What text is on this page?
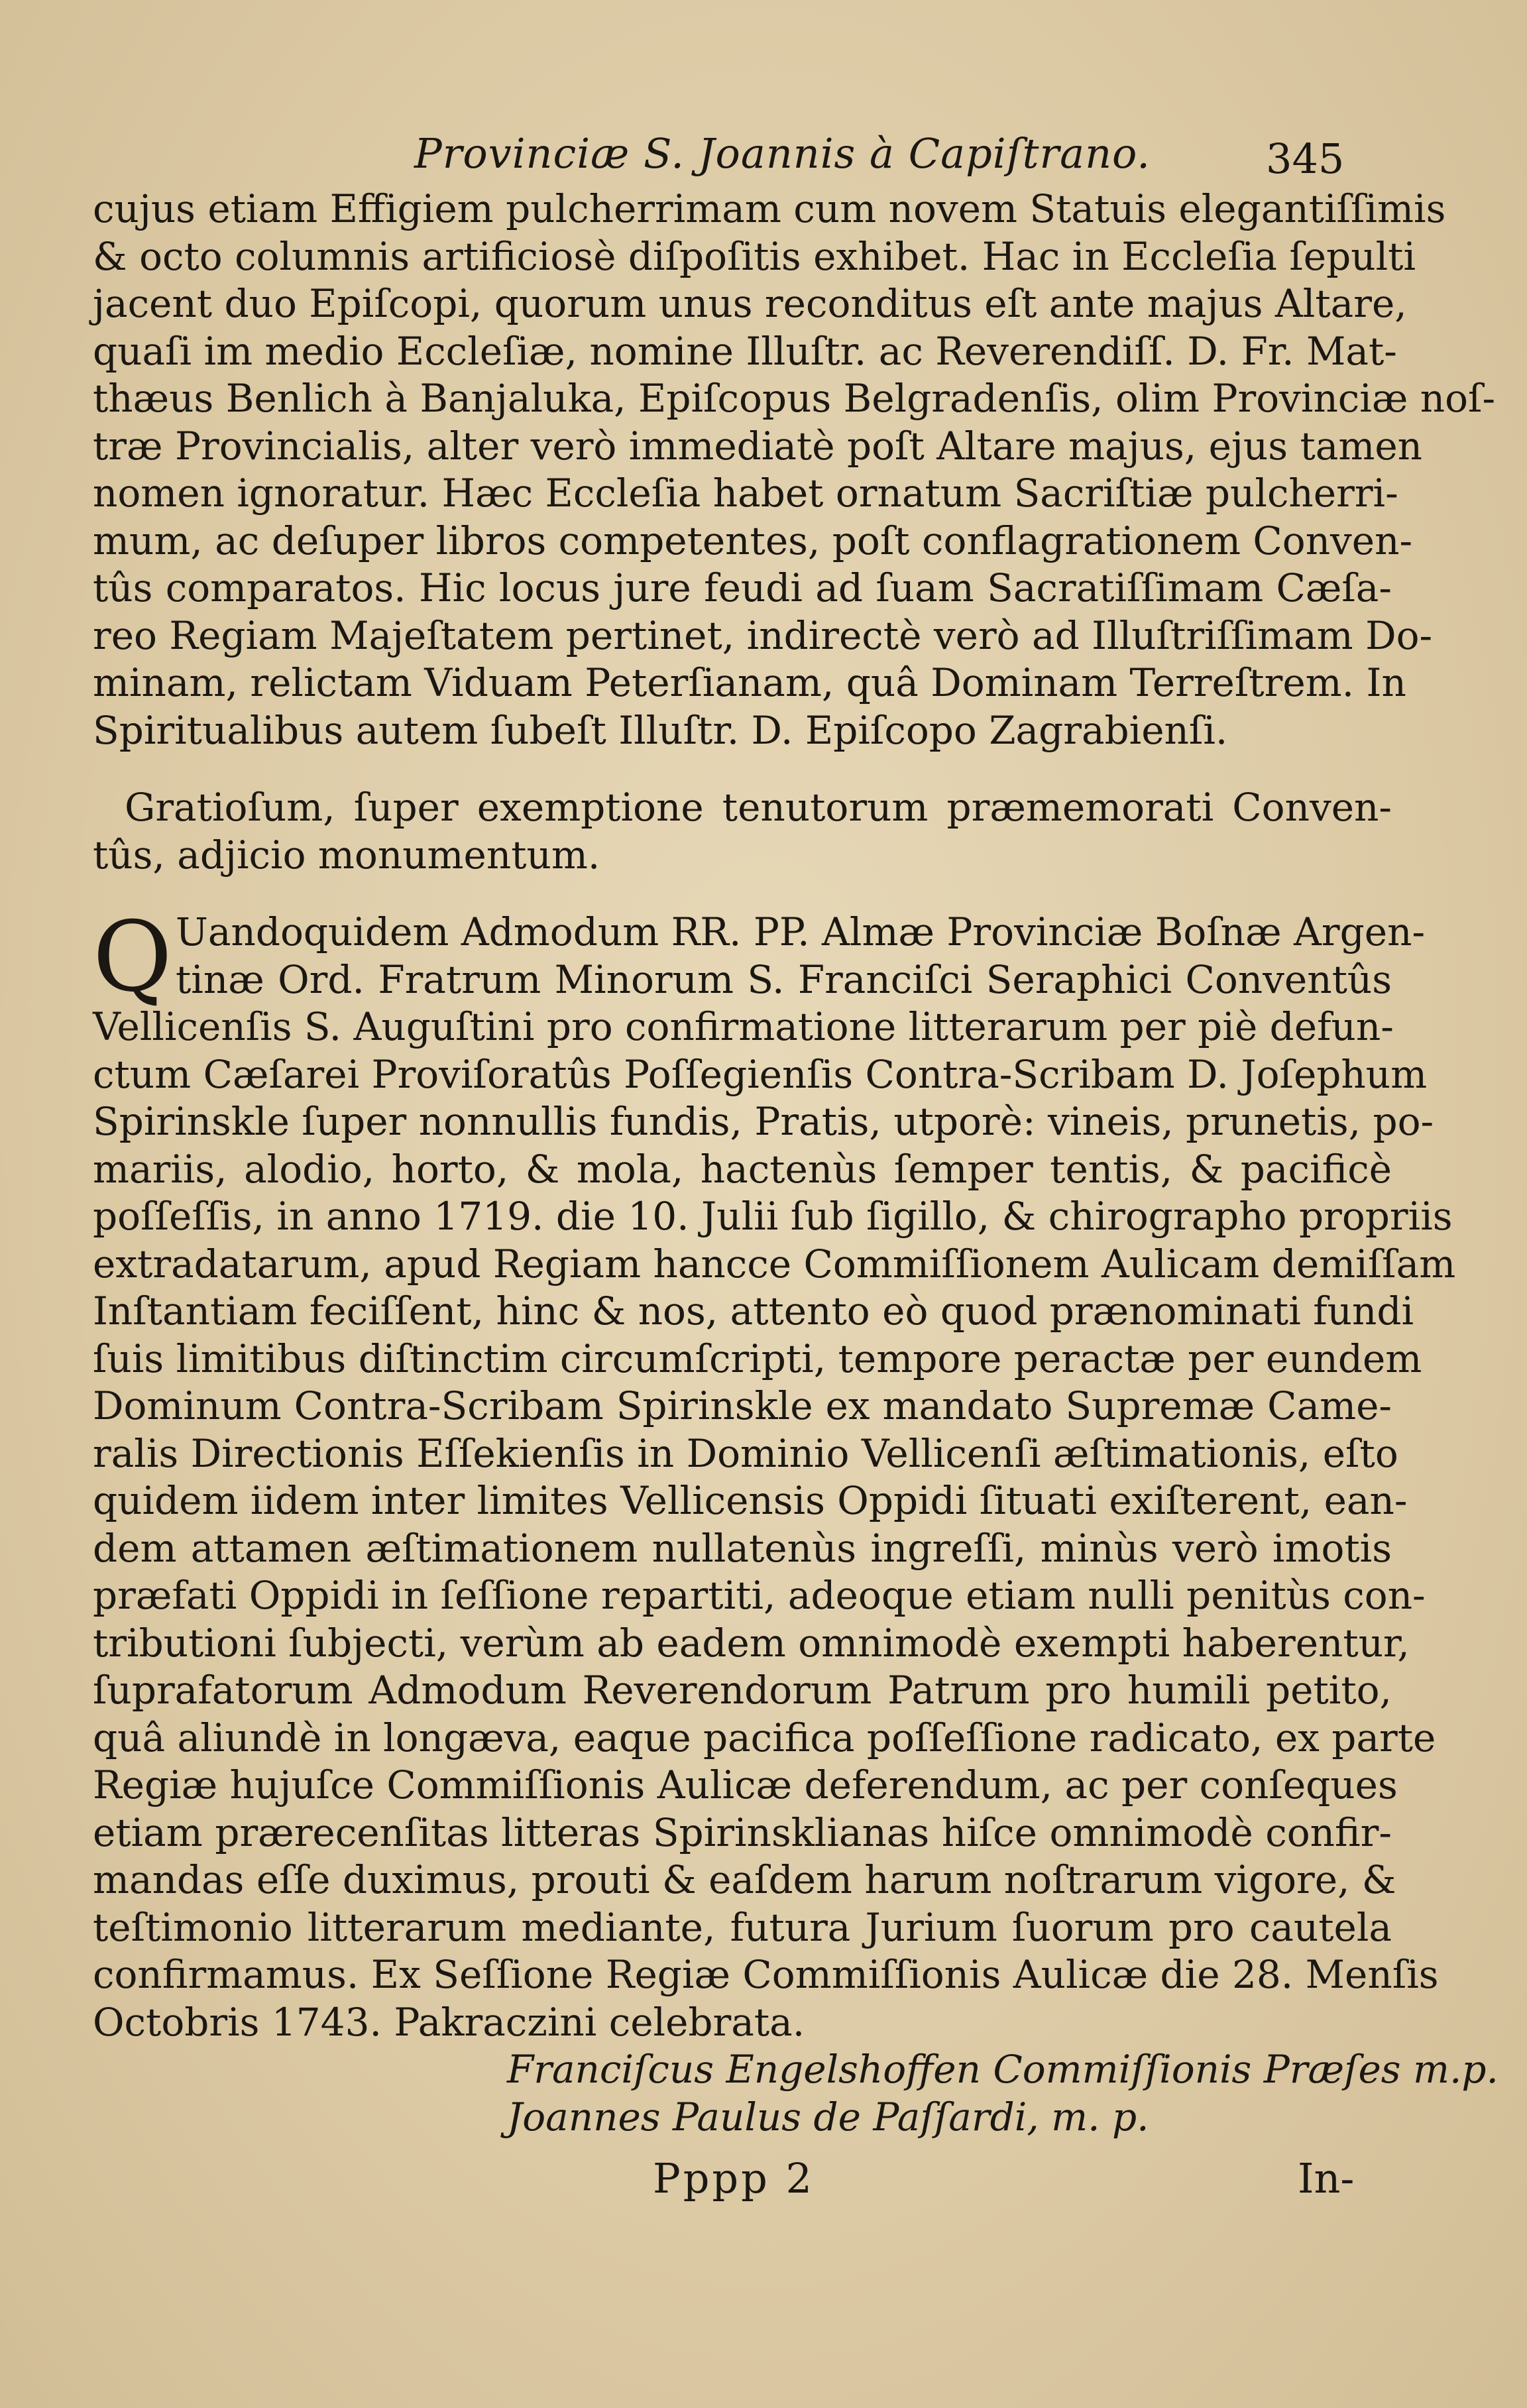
Provinciæ S. Joannis à Capiſtrano.	345
cujus etiam Effigiem pulcherrimam cum novem Statuis elegantiſſimis
& octo columnis artificiosè diſpoſitis exhibet. Hac in Eccleſia ſepulti
jacent duo Epiſcopi, quorum unus reconditus eſt ante majus Altare,
quaſi im medio Eccleſiæ, nomine Illuſtr. ac Reverendiſſ. D. Fr. Mat-
thæus Benlich à Banjaluka, Epiſcopus Belgradenſis, olim Provinciæ noſ-
træ Provincialis, alter verò immediatè poſt Altare majus, ejus tamen
nomen ignoratur. Hæc Eccleſia habet ornatum Sacriſtiæ pulcherri-
mum, ac deſuper libros competentes, poſt conflagrationem Conven-
tûs comparatos. Hic locus jure feudi ad ſuam Sacratiſſimam Cæſa-
reo Regiam Majeſtatem pertinet, indirectè verò ad Illuſtriſſimam Do-
minam, relictam Viduam Peterſianam, quâ Dominam Terreſtrem. In
Spiritualibus autem ſubeſt Illuſtr. D. Epiſcopo Zagrabienſi.
Gratioſum, ſuper exemptione tenutorum præmemorati Conven-
tûs, adjicio monumentum.
Q Uandoquidem Admodum RR. PP. Almæ Provinciæ Boſnæ Argen-
tinæ Ord. Fratrum Minorum S. Franciſci Seraphici Conventûs
Vellicenſis S. Auguſtini pro confirmatione litterarum per piè defun-
ctum Cæſarei Proviſoratûs Poſſegienſis Contra-Scribam D. Joſephum
Spirinskle ſuper nonnullis fundis, Pratis, utporè: vineis, prunetis, po-
mariis, alodio, horto, & mola, hactenùs ſemper tentis, & pacificè
poſſeſſis, in anno 1719. die 10. Julii ſub ſigillo, & chirographo propriis
extradatarum, apud Regiam hancce Commiſſionem Aulicam demiſſam
Inſtantiam feciſſent, hinc & nos, attento eò quod prænominati fundi
ſuis limitibus diſtinctim circumſcripti, tempore peractæ per eundem
Dominum Contra-Scribam Spirinskle ex mandato Supremæ Came-
ralis Directionis Eſſekienſis in Dominio Vellicenſi æſtimationis, eſto
quidem iidem inter limites Vellicensis Oppidi ſituati exiſterent, ean-
dem attamen æſtimationem nullatenùs ingreſſi, minùs verò imotis
præfati Oppidi in ſeſſione repartiti, adeoque etiam nulli penitùs con-
tributioni ſubjecti, verùm ab eadem omnimodè exempti haberentur,
ſuprafatorum Admodum Reverendorum Patrum pro humili petito,
quâ aliundè in longæva, eaque pacifica poſſeſſione radicato, ex parte
Regiæ hujuſce Commiſſionis Aulicæ deferendum, ac per conſeques
etiam prærecenſitas litteras Spirinsklianas hiſce omnimodè confir-
mandas eſſe duximus, prouti & eaſdem harum noſtrarum vigore, &
teſtimonio litterarum mediante, futura Jurium ſuorum pro cautela
confirmamus. Ex Seſſione Regiæ Commiſſionis Aulicæ die 28. Menſis
Octobris 1743. Pakraczini celebrata.
Franciſcus Engelshoffen Commiſſionis Præſes m.p.
Joannes Paulus de Paſſardi, m. p.
Pppp 2	In-
